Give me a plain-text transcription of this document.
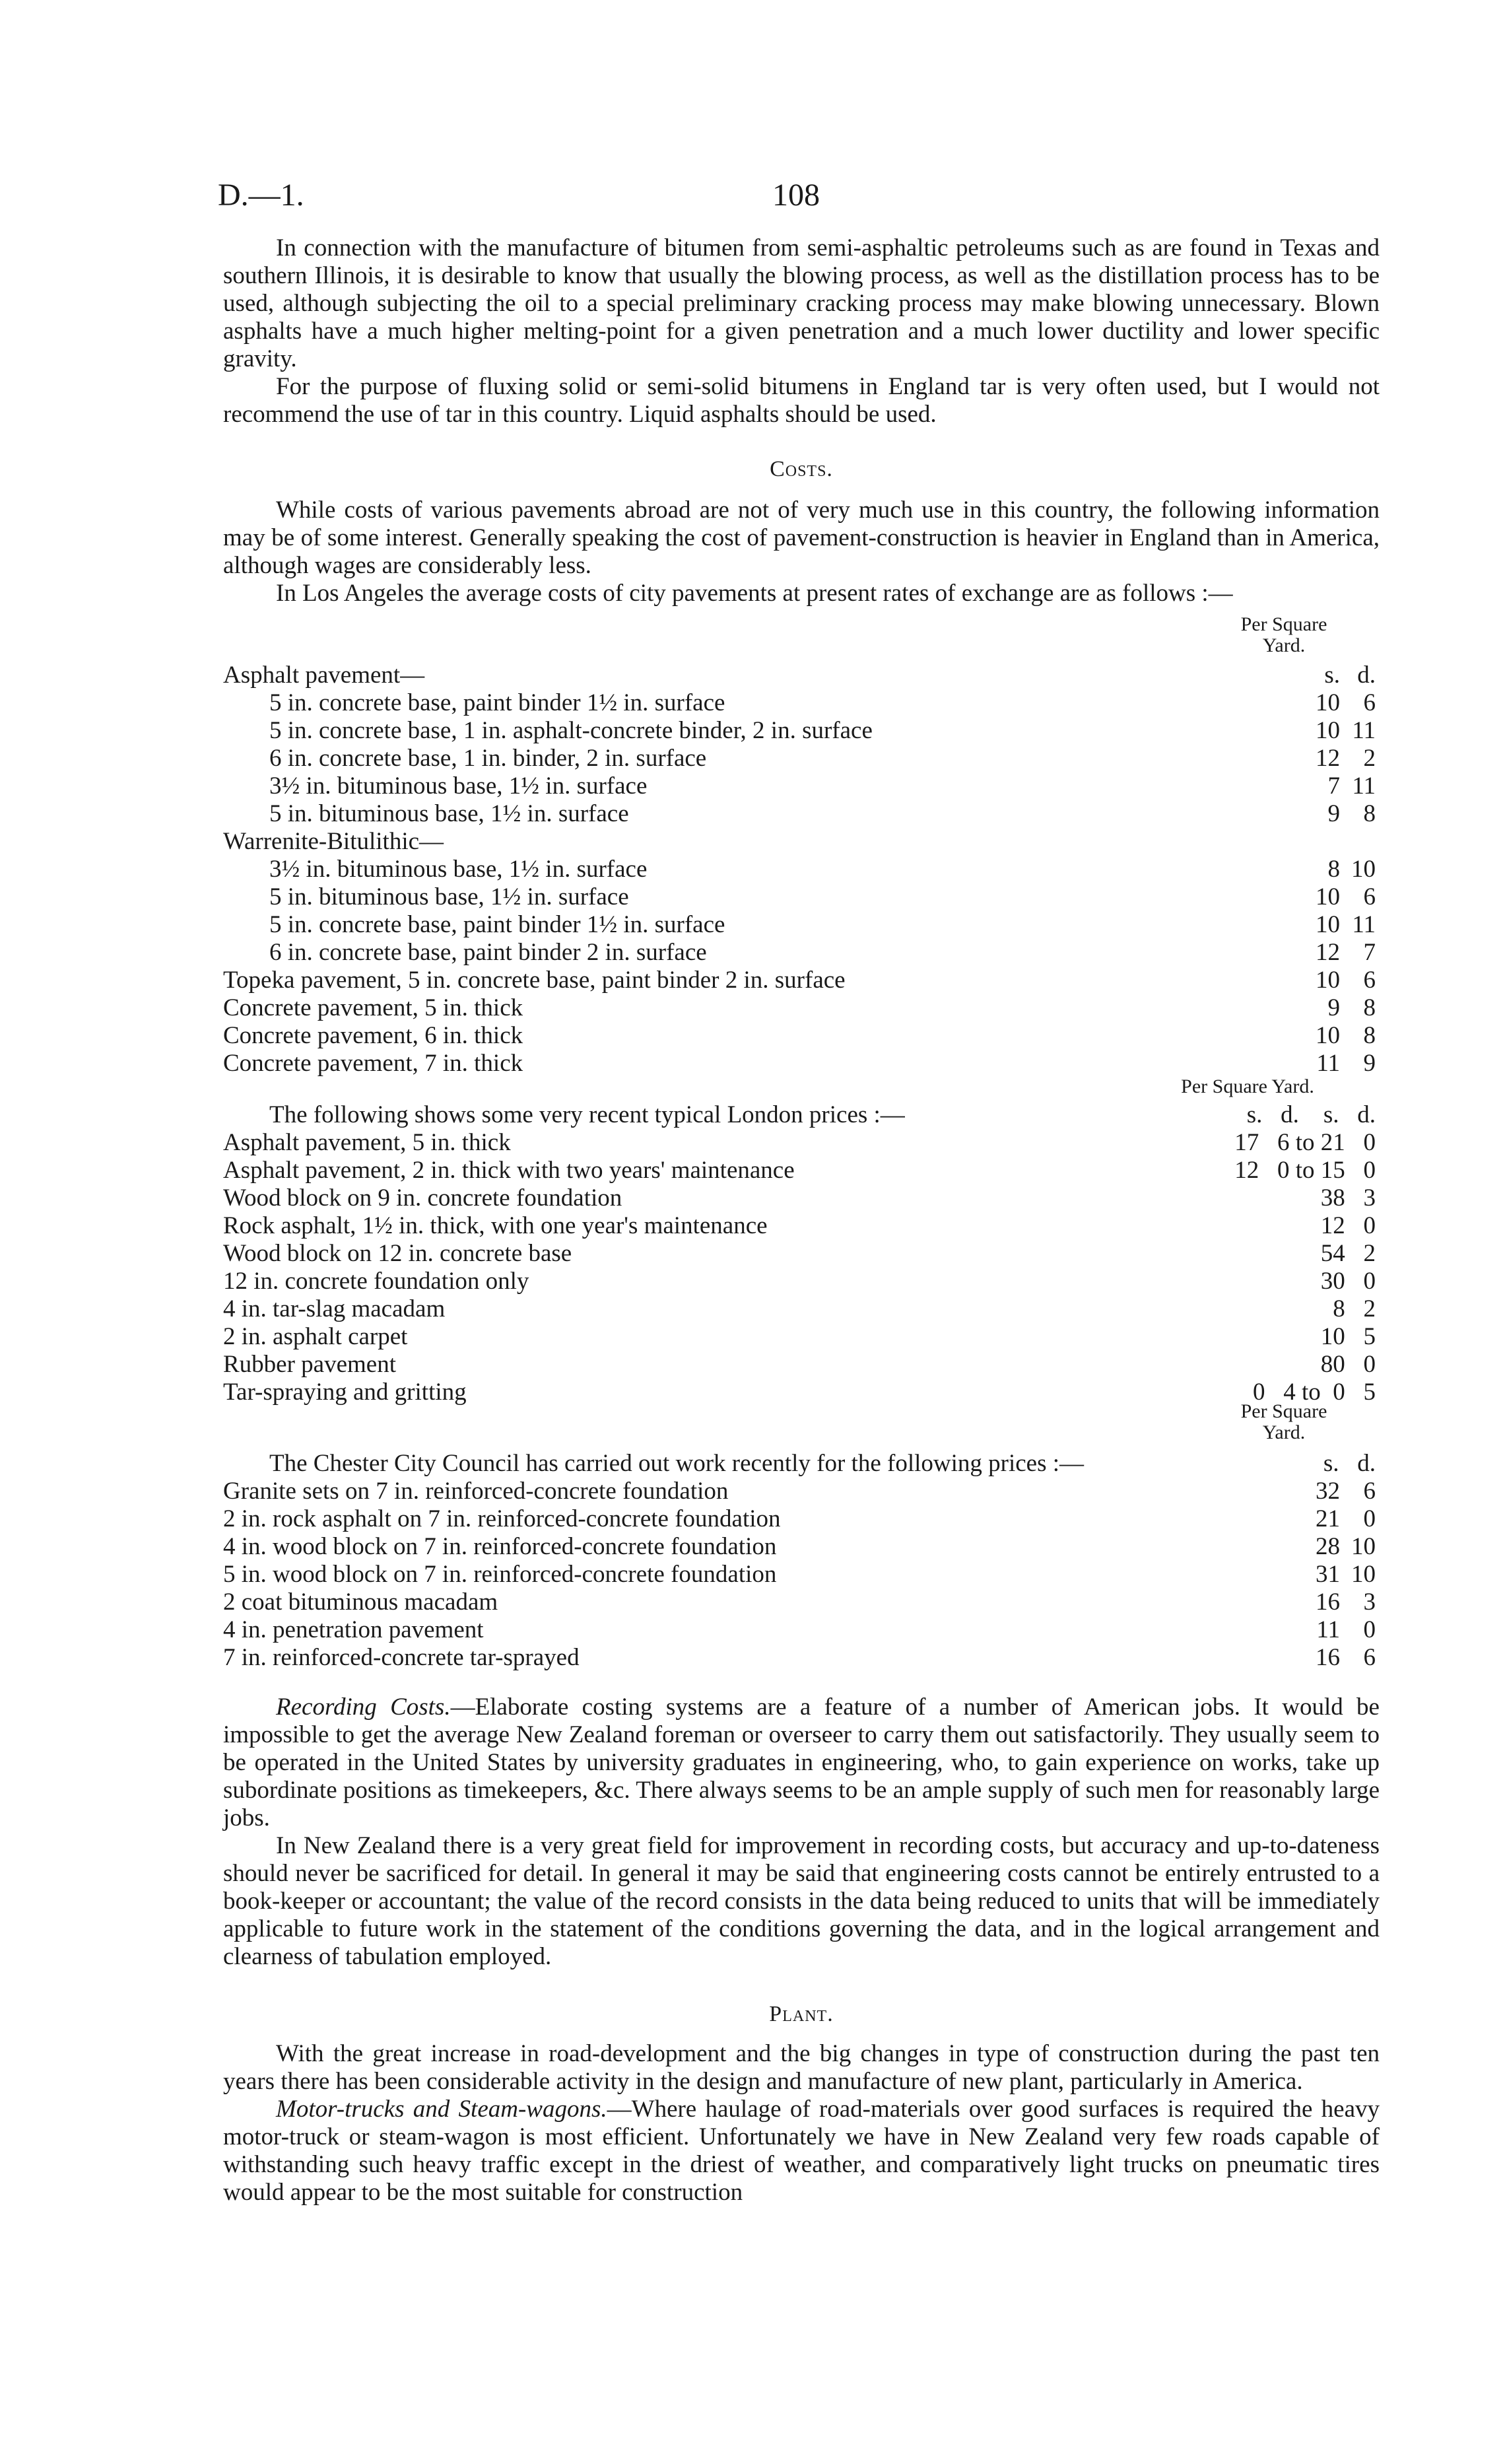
D.—1.	108

In connection with the manufacture of bitumen from semi-asphaltic petroleums such as are found in Texas and southern Illinois, it is desirable to know that usually the blowing process, as well as the distillation process has to be used, although subjecting the oil to a special preliminary cracking process may make blowing unnecessary. Blown asphalts have a much higher melting-point for a given penetration and a much lower ductility and lower specific gravity.

For the purpose of fluxing solid or semi-solid bitumens in England tar is very often used, but I would not recommend the use of tar in this country. Liquid asphalts should be used.

Costs.

While costs of various pavements abroad are not of very much use in this country, the following information may be of some interest. Generally speaking the cost of pavement-construction is heavier in England than in America, although wages are considerably less.

In Los Angeles the average costs of city pavements at present rates of exchange are as follows :—

Per Square Yard.
s. d.
Asphalt pavement—
5 in. concrete base, paint binder 1½ in. surface	10 6
5 in. concrete base, 1 in. asphalt-concrete binder, 2 in. surface	10 11
6 in. concrete base, 1 in. binder, 2 in. surface	12 2
3½ in. bituminous base, 1½ in. surface	7 11
5 in. bituminous base, 1½ in. surface	9 8
Warrenite-Bitulithic—
3½ in. bituminous base, 1½ in. surface	8 10
5 in. bituminous base, 1½ in. surface	10 6
5 in. concrete base, paint binder 1½ in. surface	10 11
6 in. concrete base, paint binder 2 in. surface	12 7
Topeka pavement, 5 in. concrete base, paint binder 2 in. surface	10 6
Concrete pavement, 5 in. thick	9 8
Concrete pavement, 6 in. thick	10 8
Concrete pavement, 7 in. thick	11 9
Per Square Yard.
The following shows some very recent typical London prices :—	s.   d.    s.   d.
Asphalt pavement, 5 in. thick	17   6 to 21   0
Asphalt pavement, 2 in. thick with two years' maintenance	12   0 to 15   0
Wood block on 9 in. concrete foundation	38   3
Rock asphalt, 1½ in. thick, with one year's maintenance	12   0
Wood block on 12 in. concrete base	54   2
12 in. concrete foundation only	30   0
4 in. tar-slag macadam	8   2
2 in. asphalt carpet	10   5
Rubber pavement	80   0
Tar-spraying and gritting	0   4 to  0   5
Per Square Yard.
The Chester City Council has carried out work recently for the following prices :—	s.   d.
Granite sets on 7 in. reinforced-concrete foundation	32 6
2 in. rock asphalt on 7 in. reinforced-concrete foundation	21 0
4 in. wood block on 7 in. reinforced-concrete foundation	28 10
5 in. wood block on 7 in. reinforced-concrete foundation	31 10
2 coat bituminous macadam	16 3
4 in. penetration pavement	11 0
7 in. reinforced-concrete tar-sprayed	16 6

Recording Costs.—Elaborate costing systems are a feature of a number of American jobs. It would be impossible to get the average New Zealand foreman or overseer to carry them out satisfactorily. They usually seem to be operated in the United States by university graduates in engineering, who, to gain experience on works, take up subordinate positions as timekeepers, &c. There always seems to be an ample supply of such men for reasonably large jobs.

In New Zealand there is a very great field for improvement in recording costs, but accuracy and up-to-dateness should never be sacrificed for detail. In general it may be said that engineering costs cannot be entirely entrusted to a book-keeper or accountant; the value of the record consists in the data being reduced to units that will be immediately applicable to future work in the statement of the conditions governing the data, and in the logical arrangement and clearness of tabulation employed.

Plant.

With the great increase in road-development and the big changes in type of construction during the past ten years there has been considerable activity in the design and manufacture of new plant, particularly in America.

Motor-trucks and Steam-wagons.—Where haulage of road-materials over good surfaces is required the heavy motor-truck or steam-wagon is most efficient. Unfortunately we have in New Zealand very few roads capable of withstanding such heavy traffic except in the driest of weather, and comparatively light trucks on pneumatic tires would appear to be the most suitable for construction
